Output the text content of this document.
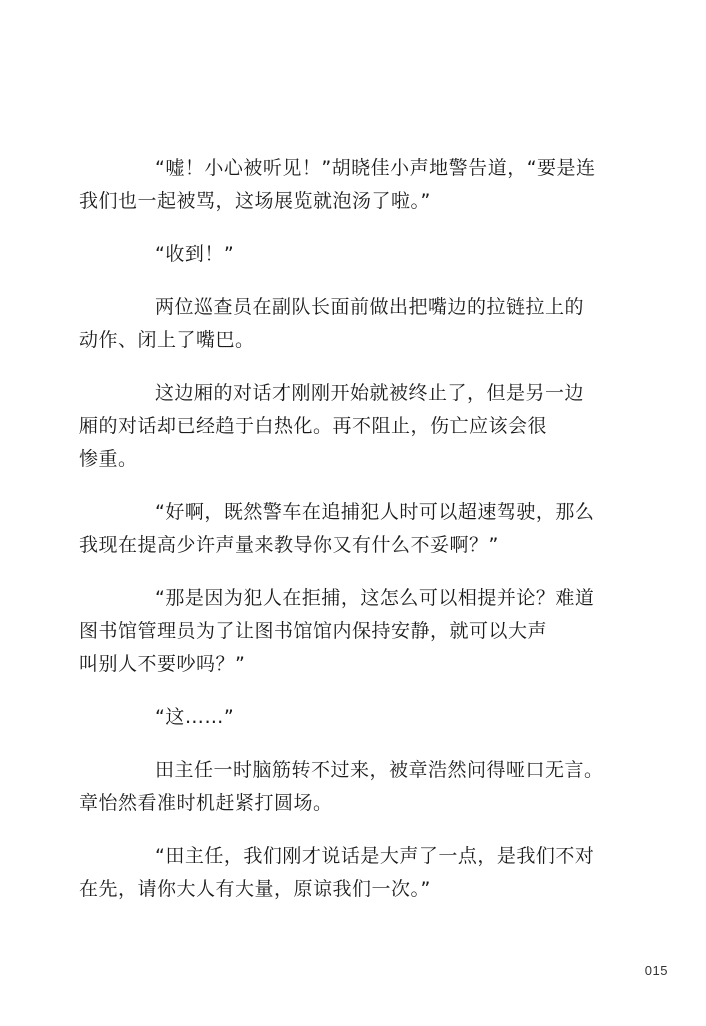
“嘘！小心被听见！”胡晓佳小声地警告道，“要是连
我们也一起被骂，这场展览就泡汤了啦。”

“收到！”

两位巡查员在副队长面前做出把嘴边的拉链拉上的
动作、闭上了嘴巴。

这边厢的对话才刚刚开始就被终止了，但是另一边
厢的对话却已经趋于白热化。再不阻止，伤亡应该会很
惨重。

“好啊，既然警车在追捕犯人时可以超速驾驶，那么
我现在提高少许声量来教导你又有什么不妥啊？”

“那是因为犯人在拒捕，这怎么可以相提并论？难道
图书馆管理员为了让图书馆馆内保持安静，就可以大声
叫别人不要吵吗？”

“这……”

田主任一时脑筋转不过来，被章浩然问得哑口无言。
章怡然看准时机赶紧打圆场。

“田主任，我们刚才说话是大声了一点，是我们不对
在先，请你大人有大量，原谅我们一次。”

015
